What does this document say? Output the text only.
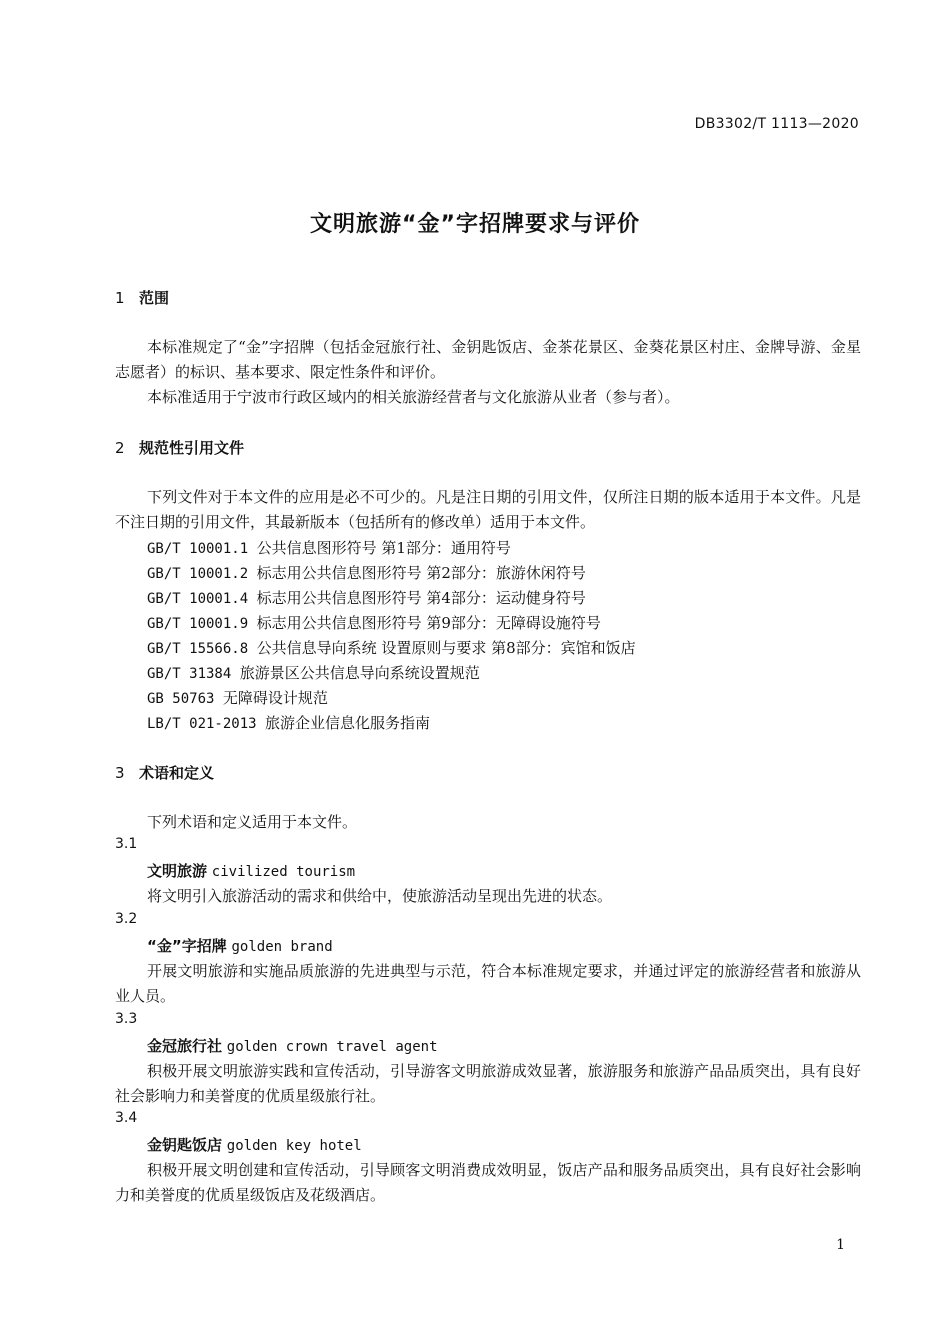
DB3302/T 1113—2020
文明旅游“金”字招牌要求与评价
1 范围
本标准规定了“金”字招牌（包括金冠旅行社、金钥匙饭店、金茶花景区、金葵花景区村庄、金牌导游、金星志愿者）的标识、基本要求、限定性条件和评价。
本标准适用于宁波市行政区域内的相关旅游经营者与文化旅游从业者（参与者）。
2 规范性引用文件
下列文件对于本文件的应用是必不可少的。凡是注日期的引用文件，仅所注日期的版本适用于本文件。凡是不注日期的引用文件，其最新版本（包括所有的修改单）适用于本文件。
GB/T 10001.1 公共信息图形符号 第1部分：通用符号
GB/T 10001.2 标志用公共信息图形符号 第2部分：旅游休闲符号
GB/T 10001.4 标志用公共信息图形符号 第4部分：运动健身符号
GB/T 10001.9 标志用公共信息图形符号 第9部分：无障碍设施符号
GB/T 15566.8 公共信息导向系统 设置原则与要求 第8部分：宾馆和饭店
GB/T 31384 旅游景区公共信息导向系统设置规范
GB 50763 无障碍设计规范
LB/T 021-2013 旅游企业信息化服务指南
3 术语和定义
下列术语和定义适用于本文件。
3.1
文明旅游 civilized tourism
将文明引入旅游活动的需求和供给中，使旅游活动呈现出先进的状态。
3.2
“金”字招牌 golden brand
开展文明旅游和实施品质旅游的先进典型与示范，符合本标准规定要求，并通过评定的旅游经营者和旅游从业人员。
3.3
金冠旅行社 golden crown travel agent
积极开展文明旅游实践和宣传活动，引导游客文明旅游成效显著，旅游服务和旅游产品品质突出，具有良好社会影响力和美誉度的优质星级旅行社。
3.4
金钥匙饭店 golden key hotel
积极开展文明创建和宣传活动，引导顾客文明消费成效明显，饭店产品和服务品质突出，具有良好社会影响力和美誉度的优质星级饭店及花级酒店。
1
